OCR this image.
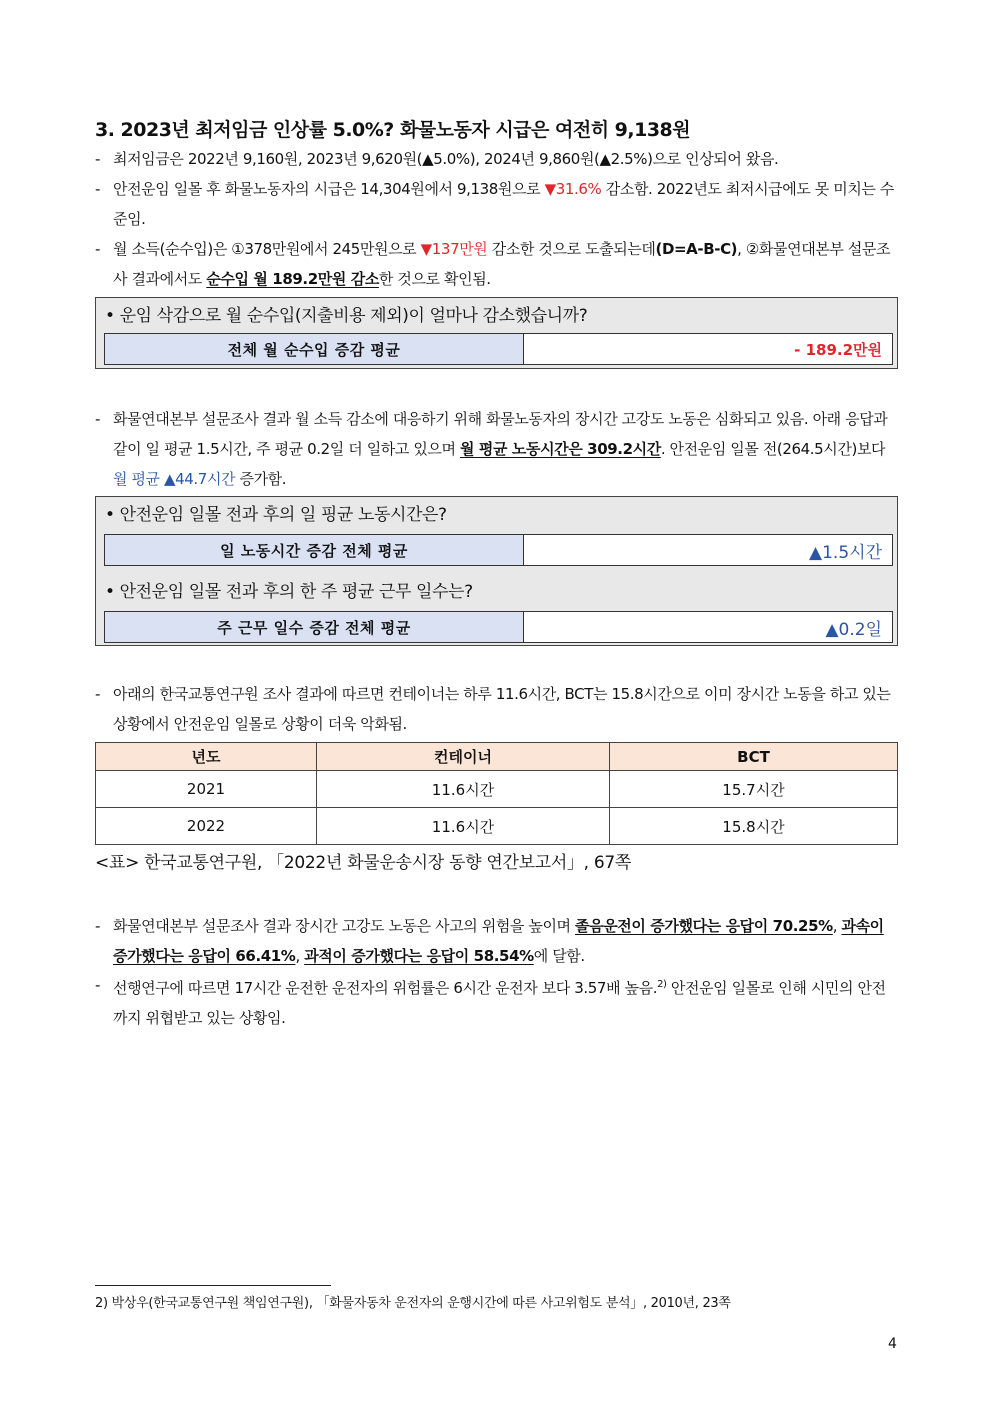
3. 2023년 최저임금 인상률 5.0%? 화물노동자 시급은 여전히 9,138원
- 최저임금은 2022년 9,160원, 2023년 9,620원(▲5.0%), 2024년 9,860원(▲2.5%)으로 인상되어 왔음.
- 안전운임 일몰 후 화물노동자의 시급은 14,304원에서 9,138원으로 ▼31.6% 감소함. 2022년도 최저시급에도 못 미치는 수준임.
- 월 소득(순수입)은 ①378만원에서 245만원으로 ▼137만원 감소한 것으로 도출되는데(D=A-B-C), ②화물연대본부 설문조사 결과에서도 순수입 월 189.2만원 감소한 것으로 확인됨.
• 운임 삭감으로 월 순수입(지출비용 제외)이 얼마나 감소했습니까?
전체 월 순수입 증감 평균	- 189.2만원
- 화물연대본부 설문조사 결과 월 소득 감소에 대응하기 위해 화물노동자의 장시간 고강도 노동은 심화되고 있음. 아래 응답과 같이 일 평균 1.5시간, 주 평균 0.2일 더 일하고 있으며 월 평균 노동시간은 309.2시간. 안전운임 일몰 전(264.5시간)보다 월 평균 ▲44.7시간 증가함.
• 안전운임 일몰 전과 후의 일 핑균 노동시간은?
일 노동시간 증감 전체 평균	▲1.5시간
• 안전운임 일몰 전과 후의 한 주 평균 근무 일수는?
주 근무 일수 증감 전체 평균	▲0.2일
- 아래의 한국교통연구원 조사 결과에 따르면 컨테이너는 하루 11.6시간, BCT는 15.8시간으로 이미 장시간 노동을 하고 있는 상황에서 안전운임 일몰로 상황이 더욱 악화됨.
년도	컨테이너	BCT
2021	11.6시간	15.7시간
2022	11.6시간	15.8시간
<표> 한국교통연구원, 「2022년 화물운송시장 동향 연간보고서」, 67쪽
- 화물연대본부 설문조사 결과 장시간 고강도 노동은 사고의 위험을 높이며 졸음운전이 증가했다는 응답이 70.25%, 과속이 증가했다는 응답이 66.41%, 과적이 증가했다는 응답이 58.54%에 달함.
- 선행연구에 따르면 17시간 운전한 운전자의 위험률은 6시간 운전자 보다 3.57배 높음.$^{2)}$ 안전운임 일몰로 인해 시민의 안전까지 위협받고 있는 상황임.
2) 박상우(한국교통연구원 책임연구원), 「화물자동차 운전자의 운행시간에 따른 사고위험도 분석」, 2010년, 23쪽
4
